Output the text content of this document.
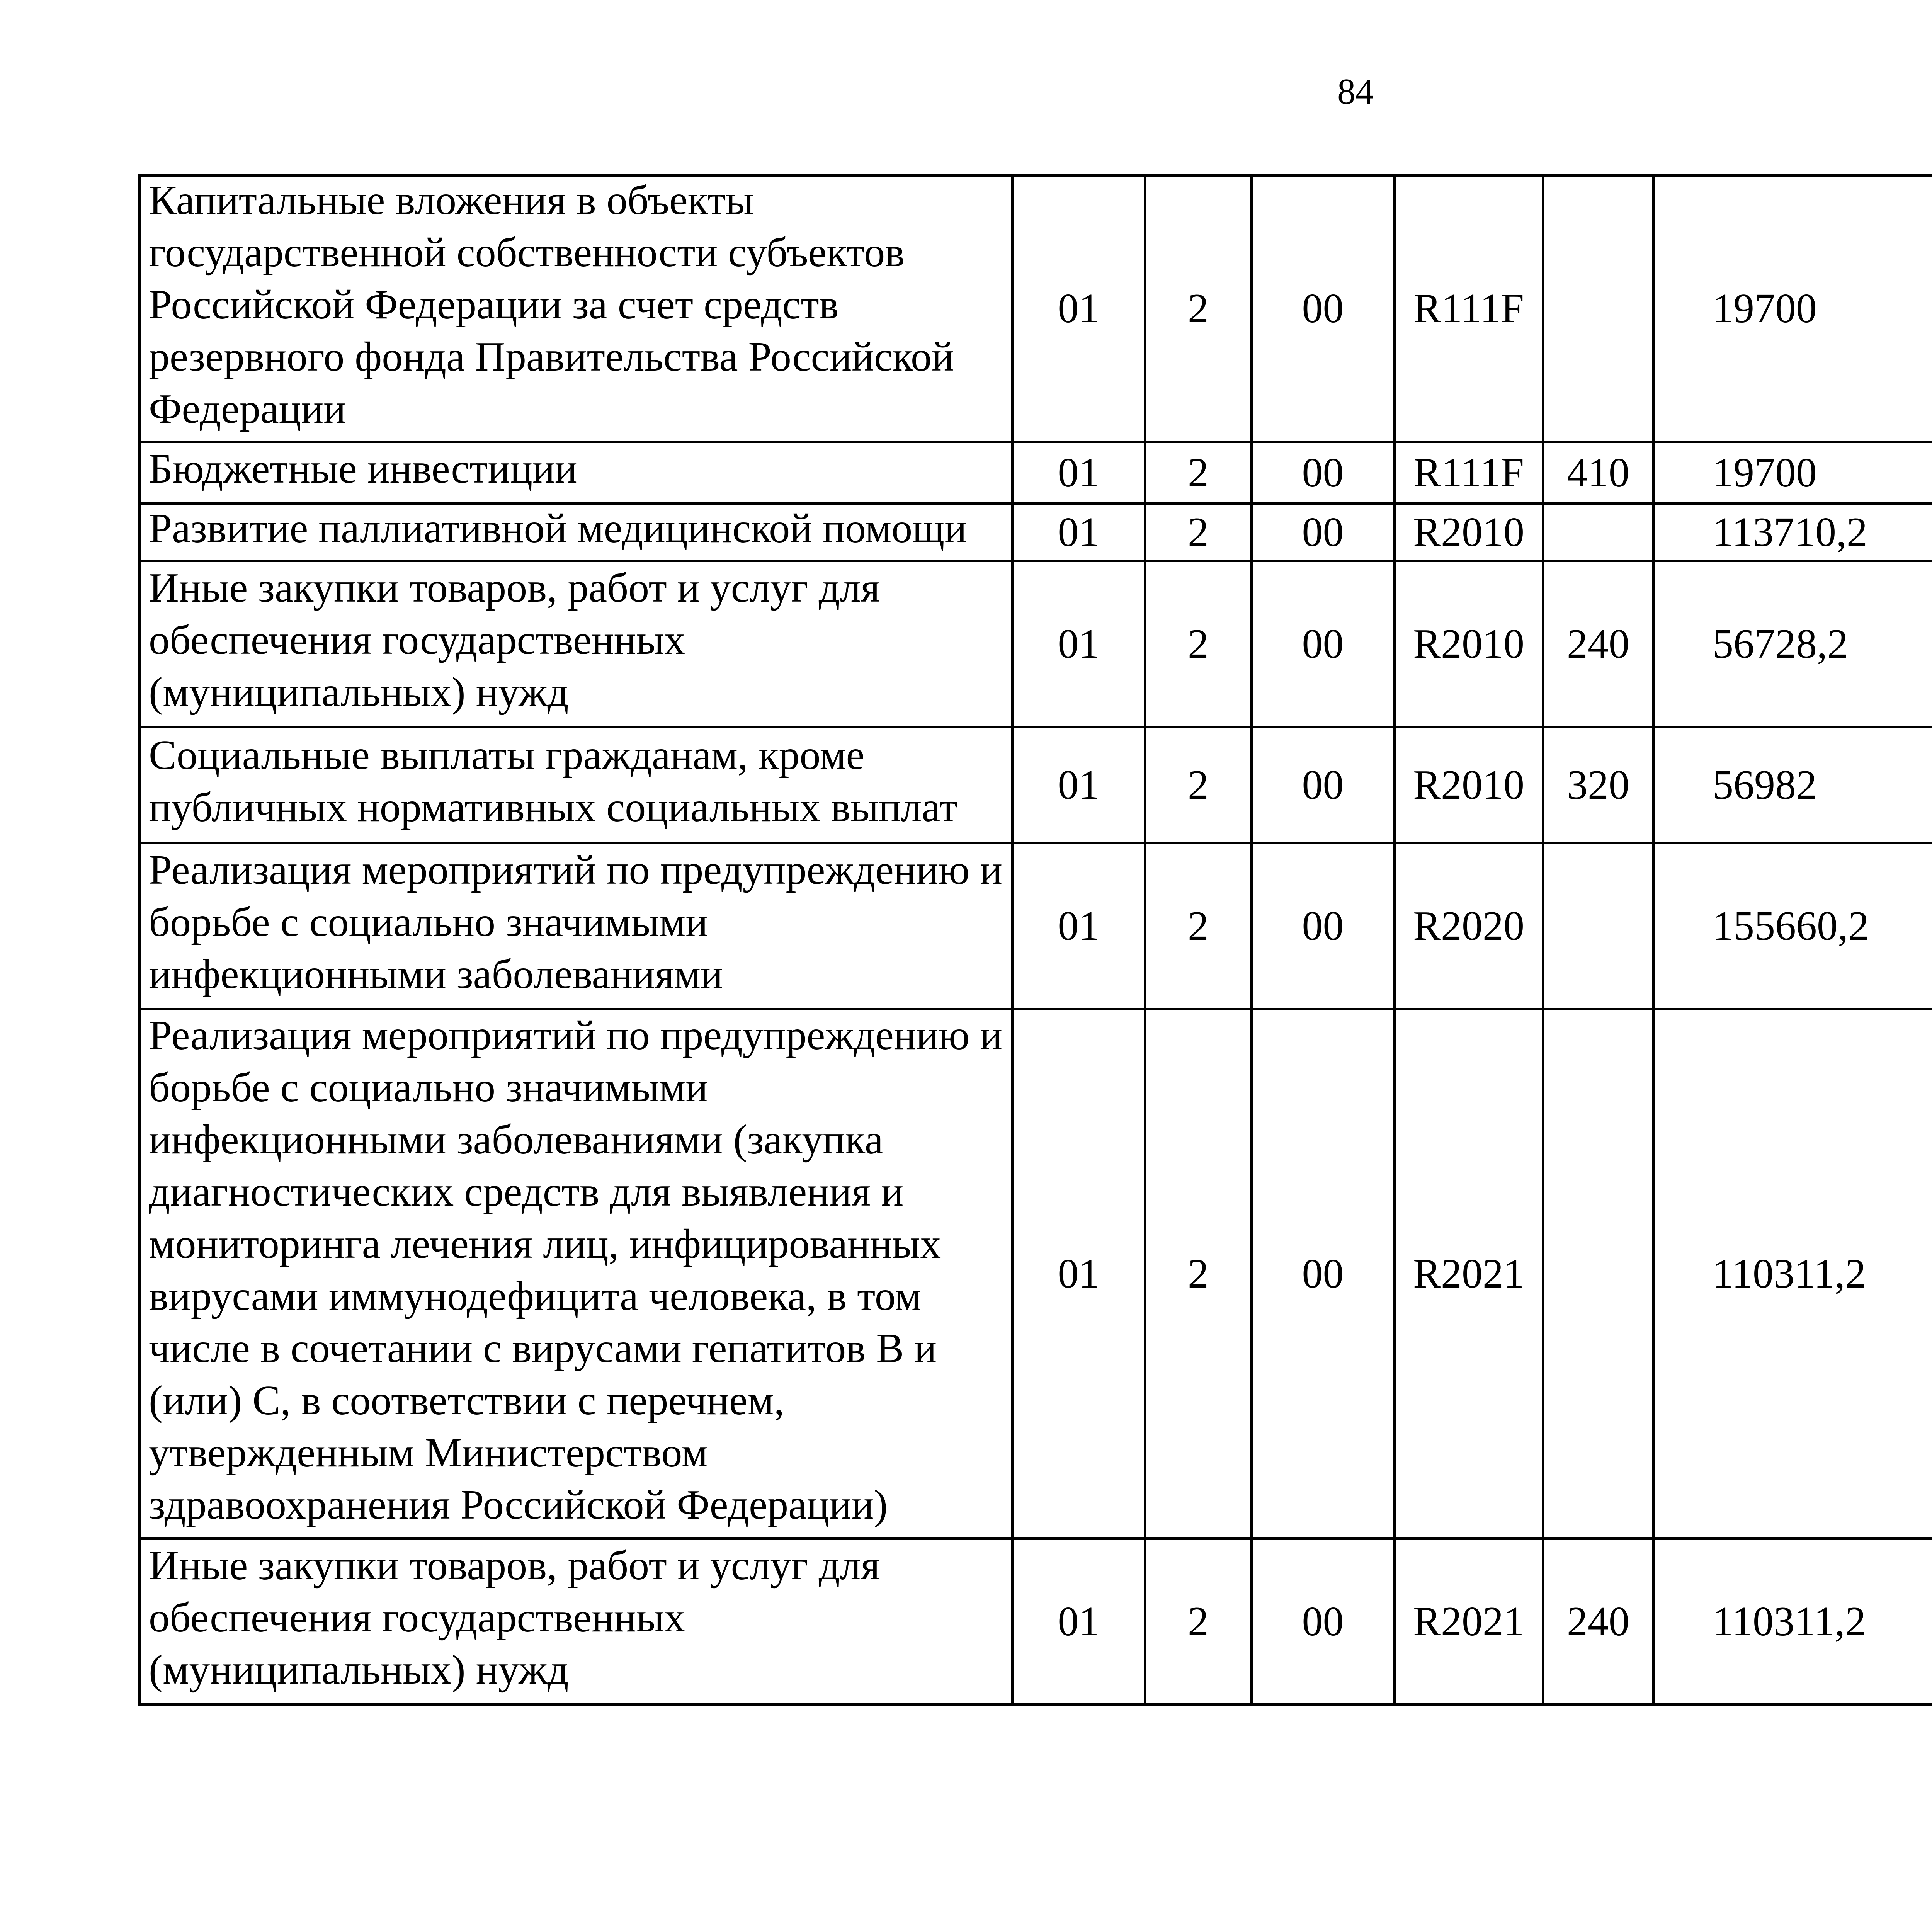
84
Капитальные вложения в объекты государственной собственности субъектов Российской Федерации за счет средств резервного фонда Правительства Российской Федерации	01	2	00	R111F		19700		

Бюджетные инвестиции	01	2	00	R111F	410	19700		

Развитие паллиативной медицинской помощи	01	2	00	R2010		113710,2		

Иные закупки товаров, работ и услуг для обеспечения государственных (муниципальных) нужд	01	2	00	R2010	240	56728,2		

Социальные выплаты гражданам, кроме публичных нормативных социальных выплат	01	2	00	R2010	320	56982		

Реализация мероприятий по предупреждению и борьбе с социально значимыми инфекционными заболеваниями	01	2	00	R2020		155660,2		

Реализация мероприятий по предупреждению и борьбе с социально значимыми инфекционными заболеваниями (закупка диагностических средств для выявления и мониторинга лечения лиц, инфицированных вирусами иммунодефицита человека, в том числе в сочетании с вирусами гепатитов B и (или) C, в соответствии с перечнем, утвержденным Министерством здравоохранения Российской Федерации)	01	2	00	R2021		110311,2		

Иные закупки товаров, работ и услуг для обеспечения государственных (муниципальных) нужд	01	2	00	R2021	240	110311,2		
